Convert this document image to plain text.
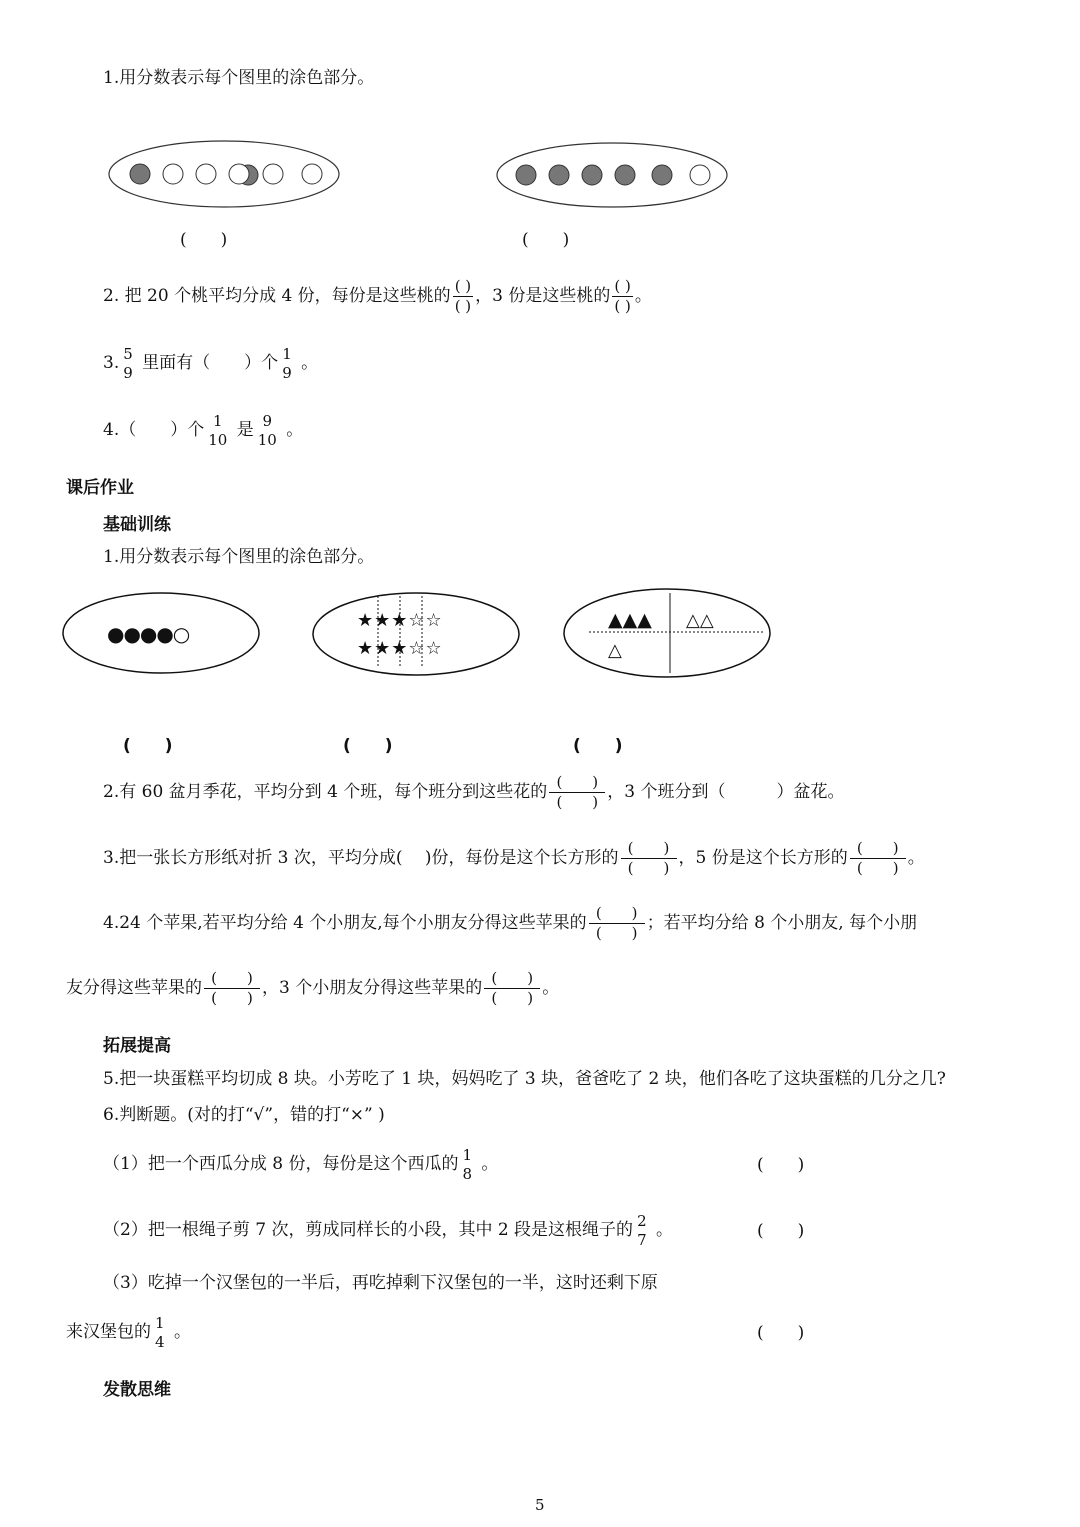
1.用分数表示每个图里的涂色部分。
(　　)	(　　)
2. 把 20 个桃平均分成 4 份，每份是这些桃的 $\frac{( )}{( )}$ ，3 份是这些桃的 $\frac{( )}{( )}$ 。
3. 5
9 里面有（　　）个 1
9 。
4.（　　）个 1
10 是 9
10 。
课后作业
基础训练
1.用分数表示每个图里的涂色部分。
●●●●○
★★★☆☆
★★★☆☆
▲▲▲ △△
△
(　　)	(　　)	(　　)
2.有 60 盆月季花，平均分到 4 个班，每个班分到这些花的 $\frac{( )}{( )}$ ，3 个班分到（　　　）盆花。
3.把一张长方形纸对折 3 次，平均分成(　 )份，每份是这个长方形的 $\frac{( )}{( )}$ ，5 份是这个长方形的 $\frac{( )}{( )}$ 。
4.24 个苹果,若平均分给 4 个小朋友,每个小朋友分得这些苹果的 $\frac{( )}{( )}$ ；若平均分给 8 个小朋友, 每个小朋
友分得这些苹果的 $\frac{( )}{( )}$ ，3 个小朋友分得这些苹果的 $\frac{( )}{( )}$ 。
拓展提高
5.把一块蛋糕平均切成 8 块。小芳吃了 1 块，妈妈吃了 3 块，爸爸吃了 2 块，他们各吃了这块蛋糕的几分之几?
6.判断题。(对的打“√”，错的打“×” )
（1）把一个西瓜分成 8 份，每份是这个西瓜的 1
8 。	(　　)
（2）把一根绳子剪 7 次，剪成同样长的小段，其中 2 段是这根绳子的 2
7 。	(　　)
（3）吃掉一个汉堡包的一半后，再吃掉剩下汉堡包的一半，这时还剩下原
来汉堡包的 1
4 。	(　　)
发散思维
5
